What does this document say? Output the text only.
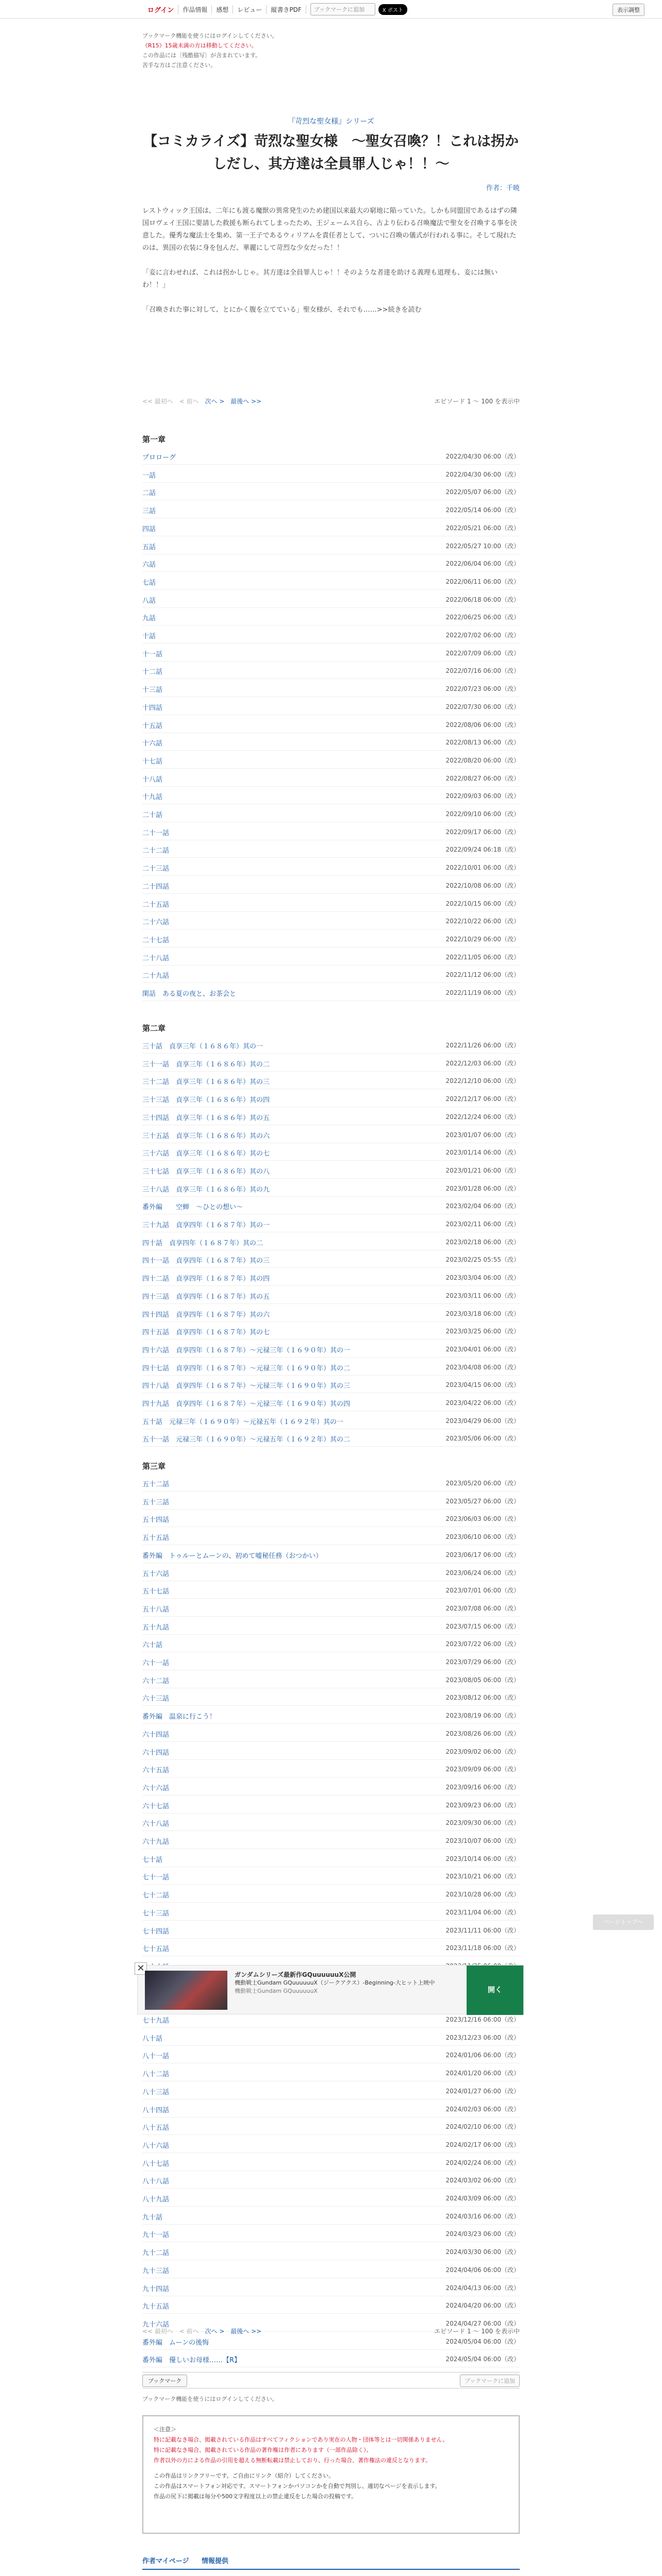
ログイン	作品情報	感想	レビュー	縦書きPDF	ブックマークに追加	X ポスト	表示調整
ブックマーク機能を使うにはログインしてください。
《R15》15歳未満の方は移動してください。
この作品には〔残酷描写〕が含まれています。
苦手な方はご注意ください。
『苛烈な聖女様』シリーズ
【コミカライズ】苛烈な聖女様　～聖女召喚？！これは拐かしだし、其方達は全員罪人じゃ！！～
作者：千暁

レストウィック王国は、二年にも渡る魔獣の異常発生のため建国以来最大の窮地に陥っていた。しかも同盟国であるはずの隣国ロヴェイ王国に要請した救援も断られてしまったため、王ジェームス自ら、古より伝わる召喚魔法で聖女を召喚する事を決意した。優秀な魔法士を集め、第一王子であるウィリアムを責任者として、ついに召喚の儀式が行われる事に。そして現れたのは、異国の衣装に身を包んだ、華麗にして苛烈な少女だった！！

「妾に言わせれば、これは拐かしじゃ。其方達は全員罪人じゃ！！そのような者達を助ける義理も道理も、妾には無いわ！！」

「召喚された事に対して、とにかく腹を立てている」聖女様が、それでも……>>続きを読む

<< 最初へ < 前へ 次へ > 最後へ >>	エピソード 1 ～ 100 を表示中
第一章
プロローグ	2022/04/30 06:00（改）
一話	2022/04/30 06:00（改）
二話	2022/05/07 06:00（改）
三話	2022/05/14 06:00（改）
四話	2022/05/21 06:00（改）
五話	2022/05/27 10:00（改）
六話	2022/06/04 06:00（改）
七話	2022/06/11 06:00（改）
八話	2022/06/18 06:00（改）
九話	2022/06/25 06:00（改）
十話	2022/07/02 06:00（改）
十一話	2022/07/09 06:00（改）
十二話	2022/07/16 06:00（改）
十三話	2022/07/23 06:00（改）
十四話	2022/07/30 06:00（改）
十五話	2022/08/06 06:00（改）
十六話	2022/08/13 06:00（改）
十七話	2022/08/20 06:00（改）
十八話	2022/08/27 06:00（改）
十九話	2022/09/03 06:00（改）
二十話	2022/09/10 06:00（改）
二十一話	2022/09/17 06:00（改）
二十二話	2022/09/24 06:18（改）
二十三話	2022/10/01 06:00（改）
二十四話	2022/10/08 06:00（改）
二十五話	2022/10/15 06:00（改）
二十六話	2022/10/22 06:00（改）
二十七話	2022/10/29 06:00（改）
二十八話	2022/11/05 06:00（改）
二十九話	2022/11/12 06:00（改）
閑話　ある夏の夜と、お茶会と	2022/11/19 06:00（改）
第二章
三十話　貞享三年（１６８６年）其の一	2022/11/26 06:00（改）
三十一話　貞享三年（１６８６年）其の二	2022/12/03 06:00（改）
三十二話　貞享三年（１６８６年）其の三	2022/12/10 06:00（改）
三十三話　貞享三年（１６８６年）其の四	2022/12/17 06:00（改）
三十四話　貞享三年（１６８６年）其の五	2022/12/24 06:00（改）
三十五話　貞享三年（１６８６年）其の六	2023/01/07 06:00（改）
三十六話　貞享三年（１６８６年）其の七	2023/01/14 06:00（改）
三十七話　貞享三年（１６８６年）其の八	2023/01/21 06:00（改）
三十八話　貞享三年（１６８６年）其の九	2023/01/28 06:00（改）
番外編　　空蝉　～ひとの想い～	2023/02/04 06:00（改）
三十九話　貞享四年（１６８７年）其の一	2023/02/11 06:00（改）
四十話　貞享四年（１６８７年）其の二	2023/02/18 06:00（改）
四十一話　貞享四年（１６８７年）其の三	2023/02/25 05:55（改）
四十二話　貞享四年（１６８７年）其の四	2023/03/04 06:00（改）
四十三話　貞享四年（１６８７年）其の五	2023/03/11 06:00（改）
四十四話　貞享四年（１６８７年）其の六	2023/03/18 06:00（改）
四十五話　貞享四年（１６８７年）其の七	2023/03/25 06:00（改）
四十六話　貞享四年（１６８７年）～元禄三年（１６９０年）其の一	2023/04/01 06:00（改）
四十七話　貞享四年（１６８７年）～元禄三年（１６９０年）其の二	2023/04/08 06:00（改）
四十八話　貞享四年（１６８７年）～元禄三年（１６９０年）其の三	2023/04/15 06:00（改）
四十九話　貞享四年（１６８７年）～元禄三年（１６９０年）其の四	2023/04/22 06:00（改）
五十話　元禄三年（１６９０年）～元禄五年（１６９２年）其の一	2023/04/29 06:00（改）
五十一話　元禄三年（１６９０年）～元禄五年（１６９２年）其の二	2023/05/06 06:00（改）
第三章
五十二話	2023/05/20 06:00（改）
五十三話	2023/05/27 06:00（改）
五十四話	2023/06/03 06:00（改）
五十五話	2023/06/10 06:00（改）
番外編　トゥルーとムーンの、初めて嘘秘任務（おつかい）	2023/06/17 06:00（改）
五十六話	2023/06/24 06:00（改）
五十七話	2023/07/01 06:00（改）
五十八話	2023/07/08 06:00（改）
五十九話	2023/07/15 06:00（改）
六十話	2023/07/22 06:00（改）
六十一話	2023/07/29 06:00（改）
六十二話	2023/08/05 06:00（改）
六十三話	2023/08/12 06:00（改）
番外編　温泉に行こう！	2023/08/19 06:00（改）
六十四話	2023/08/26 06:00（改）
六十四話	2023/09/02 06:00（改）
六十五話	2023/09/09 06:00（改）
六十六話	2023/09/16 06:00（改）
六十七話	2023/09/23 06:00（改）
六十八話	2023/09/30 06:00（改）
六十九話	2023/10/07 06:00（改）
七十話	2023/10/14 06:00（改）
七十一話	2023/10/21 06:00（改）
七十二話	2023/10/28 06:00（改）
七十三話	2023/11/04 06:00（改）
七十四話	2023/11/11 06:00（改）
七十五話	2023/11/18 06:00（改）
七十九話	2023/12/16 06:00（改）
八十話	2023/12/23 06:00（改）
八十一話	2024/01/06 06:00（改）
八十二話	2024/01/20 06:00（改）
八十三話	2024/01/27 06:00（改）
八十四話	2024/02/03 06:00（改）
八十五話	2024/02/10 06:00（改）
八十六話	2024/02/17 06:00（改）
八十七話	2024/02/24 06:00（改）
八十八話	2024/03/02 06:00（改）
八十九話	2024/03/09 06:00（改）
九十話	2024/03/16 06:00（改）
九十一話	2024/03/23 06:00（改）
九十二話	2024/03/30 06:00（改）
九十三話	2024/04/06 06:00（改）
九十四話	2024/04/13 06:00（改）
九十五話	2024/04/20 06:00（改）
九十六話	2024/04/27 06:00（改）
番外編　ムーンの後悔	2024/05/04 06:00（改）
番外編　優しいお母様……【R】	2024/05/04 06:00（改）
<< 最初へ < 前へ 次へ > 最後へ >>	エピソード 1 ～ 100 を表示中
ページトップへ
✕
ガンダムシリーズ最新作GQuuuuuuX公開
機動戦士Gundam GQuuuuuuX（ジークアクス）-Beginning-大ヒット上映中
機動戦士Gundam GQuuuuuuX	開く
ブックマーク	ブックマークに追加
ブックマーク機能を使うにはログインしてください。
＜注意＞
特に記載なき場合、掲載されている作品はすべてフィクションであり実在の人物・団体等とは一切関係ありません。
特に記載なき場合、掲載されている作品の著作権は作者にあります（一部作品除く）。
作者以外の方による作品の引用を超える無断転載は禁止しており、行った場合、著作権法の違反となります。
この作品はリンクフリーです。ご自由にリンク（紹介）してください。
この作品はスマートフォン対応です。スマートフォンかパソコンかを自動で判別し、適切なページを表示します。
作品の尻下に掲載は毎分や500文字程度以上の禁止違反をした場合の投稿です。
作者マイページ 情報提供
